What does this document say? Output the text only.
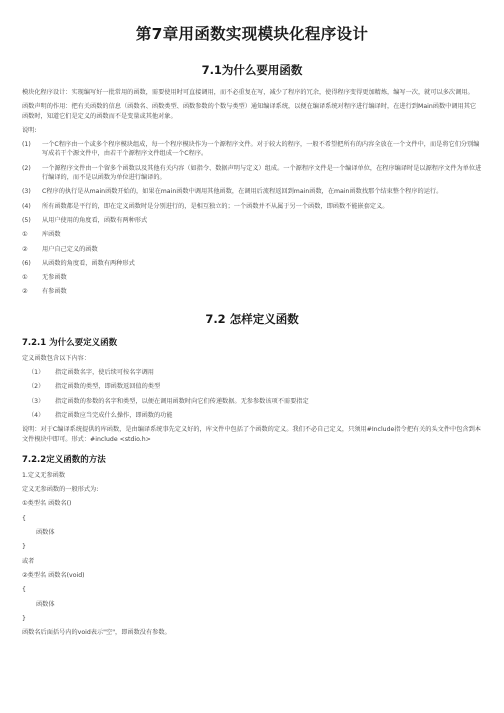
第7章用函数实现模块化程序设计
7.1为什么要用函数
模块化程序设计：实现编写好一批常用的函数，需要使用时可直接调用，而不必重复在写，减少了程序的冗余，使得程序变得更加精炼，编写一次，就可以多次调用。
函数声明的作用：把有关函数的信息（函数名、函数类型、函数参数的个数与类型）通知编译系统，以便在编译系统对程序进行编译时，在进行到Main函数中调用其它函数时，知道它们是定义的函数而不是变量或其他对象。
说明:
(1)	一个C程序由一个或多个程序模块组成，每一个程序模块作为一个源程序文件。对于较大的程序，一般不希望把所有的内容全放在一个文件中，而是将它们分别编写成若干个源文件中，由若干个源程序文件组成一个C程序。
(2)	一个源程序文件由一个留多个函数以及其他有关内容（如指令、数据声明与定义）组成。一个源程序文件是一个编译单位，在程序编译时是以源程序文件为单位进行编译的，而不是以函数为单位进行编译的。
(3)	C程序的执行是从main函数开始的，如果在main函数中调用其他函数，在调用后流程返回到main函数，在main函数找那个结束整个程序的运行。
(4)	所有函数都是平行的，即在定义函数时是分别进行的，是相互独立的；一个函数并不从属于另一个函数，即函数不能嵌套定义。
(5)	从用户使用的角度看，函数有两种形式
①	库函数
②	用户自己定义的函数
(6)	从函数的角度看，函数有两种形式
①	无参函数
②	有参函数
7.2 怎样定义函数
7.2.1 为什么要定义函数
定义函数包含以下内容：
（1）	指定函数名字，使后续可按名字调用
（2）	指定函数的类型，即函数返回值的类型
（3）	指定函数的参数的名字和类型，以便在调用函数时向它们传递数据。无参参数该项不需要指定
（4）	指定函数应当完成什么操作，即函数的功能
说明：对于C编译系统提供的库函数，是由编译系统事先定义好的，库文件中包括了个函数的定义。我们不必自己定义，只须用#Include指令把有关的头文件中包含到本文件模块中即可。形式：#include <stdio.h>
7.2.2定义函数的方法
1.定义无参函数
定义无参函数的一般形式为:
①类型名 函数名()
{
函数体
}
或者
②类型名 函数名(void)
{
函数体
}
函数名后面括号内的void表示"空"，即函数没有参数。
